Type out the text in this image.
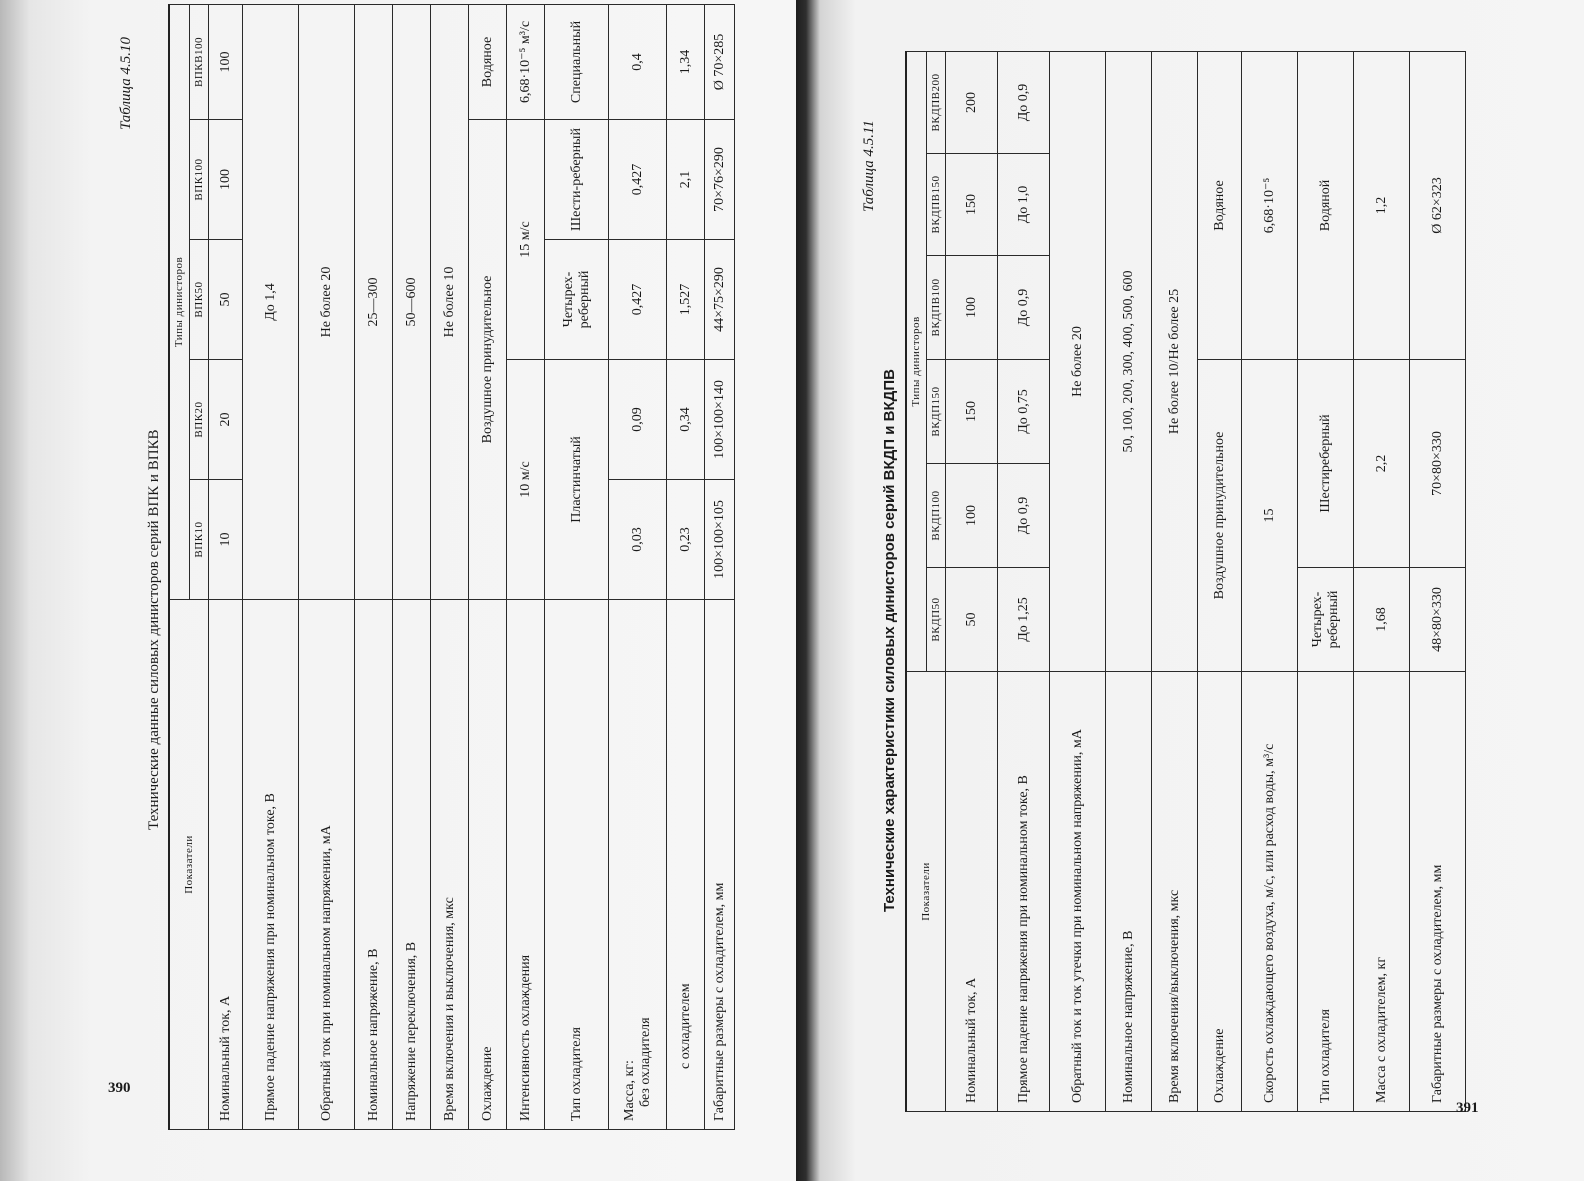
Таблица 4.5.10
Технические данные силовых динисторов серий ВПК и ВПКВ
Показатели	Типы динисторов				
	ВПК10	ВПК20	ВПК50	ВПК100	ВПКВ100
Номинальный ток, А	10	20	50	100	100
Прямое падение напряжения при номинальном токе, В	До 1,4				
Обратный ток при номинальном напряжении, мА	Не более 20				
Номинальное напряжение, В	25—300				
Напряжение переключения, В	50—600				
Время включения и выключения, мкс	Не более 10				
Охлаждение	Воздушное принудительное				Водяное
Интенсивность охлаждения	10 м/с		15 м/с		6,68·10⁻⁵ м³/с
Тип охладителя	Пластинчатый		Четырех-реберный	Шести-реберный	Специальный

Масса, кг: без охладителя	0,03	0,09	0,427	0,427	0,4
с охладителем	0,23	0,34	1,527	2,1	1,34
Габаритные размеры с охладителем, мм	100×100×105	100×100×140	44×75×290	70×76×290	Ø 70×285
390
Таблица 4.5.11
Технические характеристики силовых динисторов серий ВКДП и ВКДПВ Показатели	Типы динисторов					
	ВКДП50	ВКДП100	ВКДП150	ВКДПВ100	ВКДПВ150	ВКДПВ200
Номинальный ток, А	50	100	150	100	150	200
Прямое падение напряжения при номинальном токе, В	До 1,25	До 0,9	До 0,75	До 0,9	До 1,0	До 0,9
Обратный ток и ток утечки при номинальном напряжении, мА	Не более 20					
Номинальное напряжение, В	50, 100, 200, 300, 400, 500, 600					
Время включения/выключения, мкс	Не более 10/Не более 25					
Охлаждение	Воздушное принудительное			Водяное		
Скорость охлаждающего воздуха, м/с, или расход воды, м³/с	15			6,68·10⁻⁵		
Тип охладителя	Четырех-реберный	Шестиреберный		Водяной		
Масса с охладителем, кг	1,68	2,2		1,2		
Габаритные размеры с охладителем, мм	48×80×330	70×80×330		Ø 62×323		
391
